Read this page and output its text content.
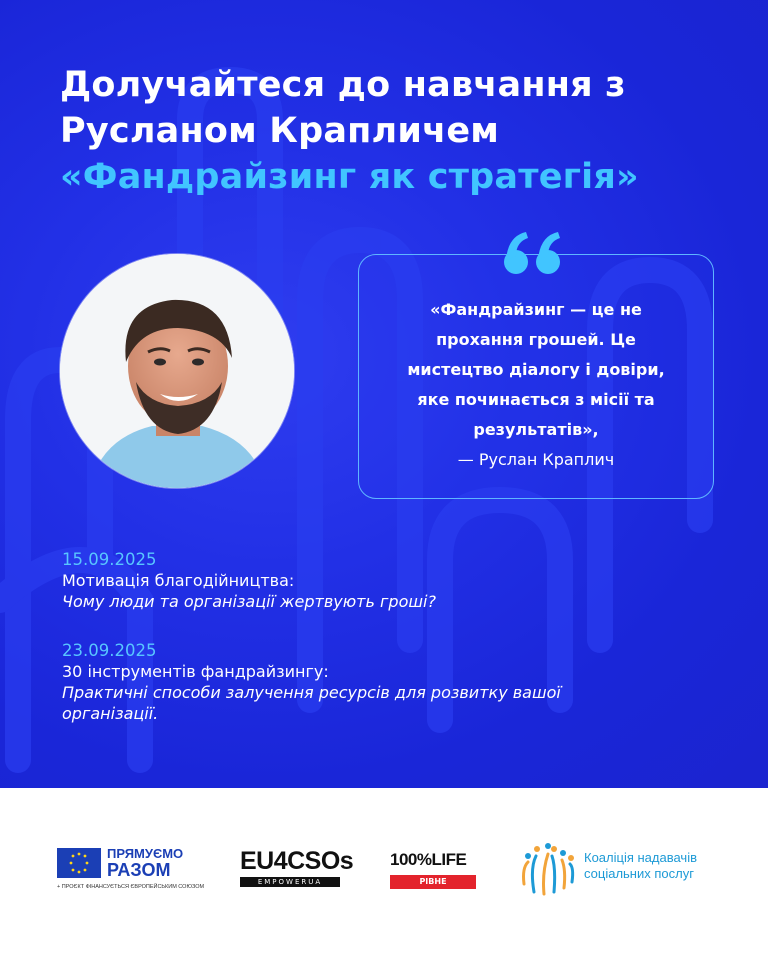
Долучайтеся до навчання з
Русланом Крапличем
«Фандрайзинг як стратегія»

«Фандрайзинг — це не
прохання грошей. Це
мистецтво діалогу і довіри,
яке починається з місії та
результатів»,

— Руслан Краплич

15.09.2025
Мотивація благодійництва:
Чому люди та організації жертвують гроші?
23.09.2025
30 інструментів фандрайзингу:
Практичні способи залучення ресурсів для розвитку вашої
організації.
ПРЯМУЄМО
РАЗОМ
+ ПРОЄКТ ФІНАНСУЄТЬСЯ ЄВРОПЕЙСЬКИМ СОЮЗОМ
EU4CSOs
EMPOWERUA
100%LIFE
РІВНЕ
Коаліція надавачів
соціальних послуг
